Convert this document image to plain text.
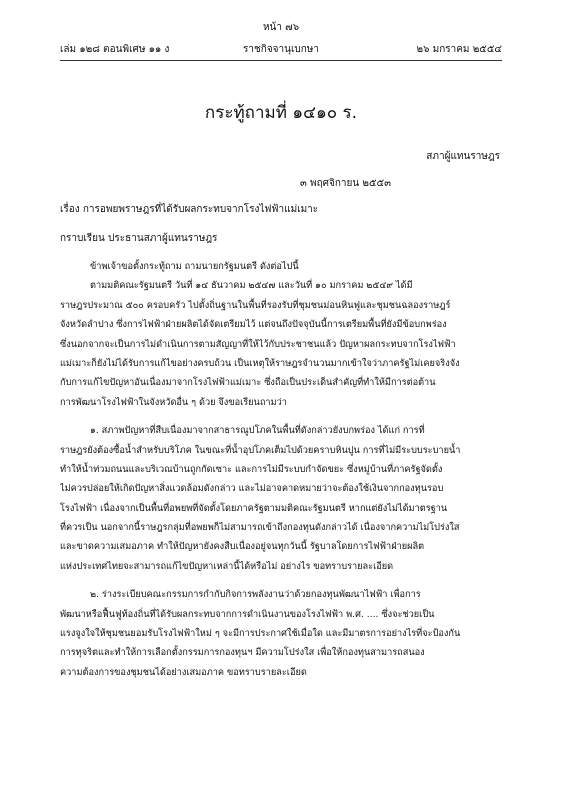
หน้า ๗๖
ราชกิจจานุเบกษา
เล่ม ๑๒๘ ตอนพิเศษ ๑๑ ง	๒๖ มกราคม ๒๕๕๔
กระทู้ถามที่ ๑๔๑๐ ร.
สภาผู้แทนราษฎร
๓ พฤศจิกายน ๒๕๕๓
เรื่อง การอพยพราษฎรที่ได้รับผลกระทบจากโรงไฟฟ้าแม่เมาะ
กราบเรียน ประธานสภาผู้แทนราษฎร
ข้าพเจ้าขอตั้งกระทู้ถาม ถามนายกรัฐมนตรี ดังต่อไปนี้
ตามมติคณะรัฐมนตรี วันที่ ๑๔ ธันวาคม ๒๕๔๗ และวันที่ ๑๐ มกราคม ๒๕๔๙ ได้มี
ราษฎรประมาณ ๕๐๐ ครอบครัว ไปตั้งถิ่นฐานในพื้นที่รองรับที่ชุมชนม่อนหินฟูและชุมชนฉลองราษฎร์
จังหวัดลำปาง ซึ่งการไฟฟ้าฝ่ายผลิตได้จัดเตรียมไว้ แต่จนถึงปัจจุบันนี้การเตรียมพื้นที่ยังมีข้อบกพร่อง
ซึ่งนอกจากจะเป็นการไม่ดำเนินการตามสัญญาที่ให้ไว้กับประชาชนแล้ว ปัญหาผลกระทบจากโรงไฟฟ้า
แม่เมาะก็ยังไม่ได้รับการแก้ไขอย่างครบถ้วน เป็นเหตุให้ราษฎรจำนวนมากเข้าใจว่าภาครัฐไม่เคยจริงจัง
กับการแก้ไขปัญหาอันเนื่องมาจากโรงไฟฟ้าแม่เมาะ ซึ่งถือเป็นประเด็นสำคัญที่ทำให้มีการต่อต้าน
การพัฒนาโรงไฟฟ้าในจังหวัดอื่น ๆ ด้วย จึงขอเรียนถามว่า
๑. สภาพปัญหาที่สืบเนื่องมาจากสาธารณูปโภคในพื้นที่ดังกล่าวยังบกพร่อง ได้แก่ การที่
ราษฎรยังต้องซื้อน้ำสำหรับบริโภค ในขณะที่น้ำอุปโภคเต็มไปด้วยคราบหินปูน การที่ไม่มีระบบระบายน้ำ
ทำให้น้ำท่วมถนนและบริเวณบ้านถูกกัดเซาะ และการไม่มีระบบกำจัดขยะ ซึ่งหมู่บ้านที่ภาครัฐจัดตั้ง
ไม่ควรปล่อยให้เกิดปัญหาสิ่งแวดล้อมดังกล่าว และไม่อาจคาดหมายว่าจะต้องใช้เงินจากกองทุนรอบ
โรงไฟฟ้า เนื่องจากเป็นพื้นที่อพยพที่จัดตั้งโดยภาครัฐตามมติคณะรัฐมนตรี หากแต่ยังไม่ได้มาตรฐาน
ที่ควรเป็น นอกจากนี้ราษฎรกลุ่มที่อพยพก็ไม่สามารถเข้าถึงกองทุนดังกล่าวได้ เนื่องจากความไม่โปร่งใส
และขาดความเสมอภาค ทำให้ปัญหายังคงสืบเนื่องอยู่จนทุกวันนี้ รัฐบาลโดยการไฟฟ้าฝ่ายผลิต
แห่งประเทศไทยจะสามารถแก้ไขปัญหาเหล่านี้ได้หรือไม่ อย่างไร ขอทราบรายละเอียด
๒. ร่างระเบียบคณะกรรมการกำกับกิจการพลังงานว่าด้วยกองทุนพัฒนาไฟฟ้า เพื่อการ
พัฒนาหรือฟื้นฟูท้องถิ่นที่ได้รับผลกระทบจากการดำเนินงานของโรงไฟฟ้า พ.ศ. .... ซึ่งจะช่วยเป็น
แรงจูงใจให้ชุมชนยอมรับโรงไฟฟ้าใหม่ ๆ จะมีการประกาศใช้เมื่อใด และมีมาตรการอย่างไรที่จะป้องกัน
การทุจริตและทำให้การเลือกตั้งกรรมการกองทุนฯ มีความโปร่งใส เพื่อให้กองทุนสามารถสนอง
ความต้องการของชุมชนได้อย่างเสมอภาค ขอทราบรายละเอียด
